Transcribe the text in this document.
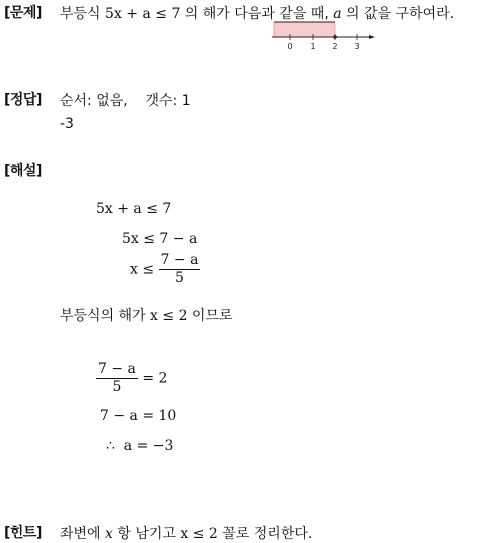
[문제] 부등식 5x + a ≤ 7 의 해가 다음과 같을 때, a 의 값을 구하여라.
0 1 2 3
[정답] 순서: 없음,    갯수: 1
-3
[해설]
5x + a ≤ 7
5x ≤ 7 − a
$x \le \frac{7 - a}{5}$
부등식의 해가 x ≤ 2 이므로
$\frac{7 - a}{5} = 2$
7 − a = 10
∴  a = −3
[힌트] 좌변에 x 항 남기고 x ≤ 2 꼴로 정리한다.
